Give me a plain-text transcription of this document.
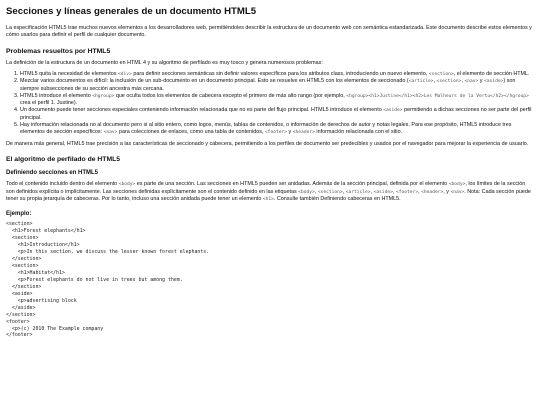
Secciones y líneas generales de un documento HTML5

La especificación HTML5 trae muchos nuevos elementos a los desarrolladores web, permitiéndoles describir la estructura de un documento web con semántica estandarizada. Este documento describe estos elementos y cómo usarlos para definir el perfil de cualquier documento.

Problemas resueltos por HTML5

La definición de la estructura de un documento en HTML 4 y su algoritmo de perfilado es muy tosco y genera numerosos problemas:

1. HTML5 quita la necesidad de elementos <div> para definir secciones semánticas sin definir valores específicos para los atributos class, introduciendo un nuevo elemento, <section>, el elemento de sección HTML.
2. Mezclar varios documentos es difícil: la inclusión de un sub-documento en un documento principal. Esto se resuelve en HTML5 con los elementos de seccionado (<article>, <section>, <nav> y <aside>) son siempre subsecciones de su sección ancestra más cercana.
3. HTML5 introduce el elemento <hgroup> que oculta todos los elementos de cabecera excepto el primero de más alto rango (por ejemplo, <hgroup><h1>Justine</h1><h2>Les Malheurs de la Vertu</h2></hgroup> crea el perfil 1. Justine).
4. Un documento puede tener secciones especiales conteniendo información relacionada que no es parte del flujo principal. HTML5 introduce el elemento <aside> permitiendo a dichas secciones no ser parte del perfil principal.
5. Hay información relacionada no al documento pero si al sitio entero, como logos, menús, tablas de contenidos, o información de derechos de autor y notas legales. Para ese propósito, HTML5 introduce tres elementos de sección específicos: <nav> para colecciones de enlaces, como una tabla de contenidos, <footer> y <header> información relacionada con el sitio.

De manera más general, HTML5 trae precisión a las características de seccionado y cabecera, permitiendo a los perfiles de documento ser predecibles y usados por el navegador para mejorar la experiencia de usuario.

El algoritmo de perfilado de HTML5
Definiendo secciones en HTML5

Todo el contenido incluido dentro del elemento <body> es parte de una sección. Las secciones en HTML5 pueden ser anidadas. Además de la sección principal, definida por el elemento <body>, los límites de la sección son definidos explícita o implícitamente. Las secciones definidas explícitamente son el contenido definido en las etiquetas <body>, <section>, <article>, <aside>, <footer>, <header>, y <nav>. Nota: Cada sección puede tener su propia jerarquía de cabeceras. Por lo tanto, incluso una sección anidada puede tener un elemento <h1>. Consulte también Definiendo cabeceras en HTML5.

Ejemplo:
<section>
<h1>Forest elephants</h1>
<section>
<h1>Introduction</h1>
<p>In this section, we discuss the lesser known forest elephants.
</section>
<section>
<h1>Habitat</h1>
<p>Forest elephants do not live in trees but among them.
</section>
<aside>
<p>advertising block
</aside>
</section>
<footer>
<p>(c) 2010 The Example company
</footer>
